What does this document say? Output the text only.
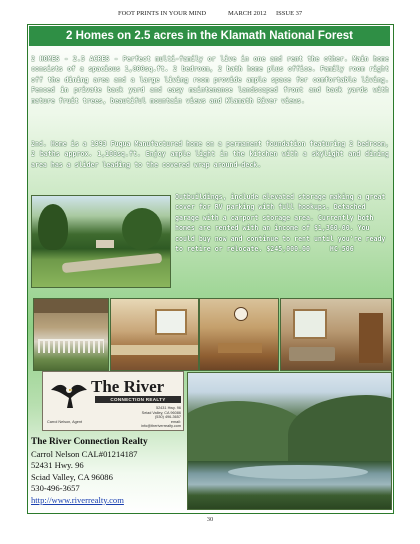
FOOT PRINTS IN YOUR MIND	MARCH 2012 ISSUE 37
2 Homes on 2.5 acres in the Klamath National Forest
2 HOMES - 2.5 ACRES - Perfect multi-family or live in one and rent the other. Main home consists of a spacious 1,800sq.ft. 2 bedroom, 2 bath home plus office. Family room right off the dining area and a large living room provide ample space for comfortable living. Fenced in private back yard and easy maintenance landscaped front and back yards with mature fruit trees, beautiful mountain views and Klamath River views.
2nd. Home is a 1993 Fuqua Manufactured home on a permanent foundation featuring 2 bedroom, 2 baths approx. 1,100sq.ft. Enjoy ample light in the kitchen with a skylight and dining area has a slider leading to the covered wrap around-deck.
Outbuildings, include elevated storage making a great cover for RV parking with full hookups. Detached garage with a carport storage area. Currently both homes are rented with an income of $1,360.00. You could buy now and continue to rent until you're ready to retire or relocate. $245,000.00	HC-506
The River
CONNECTION REALTY
52431 Hwy. 96
Seiad Valley, CA 96086
(530) 496-3657
email: info@theriverrealty.com
Carrol Nelson, Agent
The River Connection Realty
Carrol Nelson CAL#01214187
52431 Hwy. 96
Sciad Valley, CA 96086
530-496-3657
http://www.riverrealty.com
30
